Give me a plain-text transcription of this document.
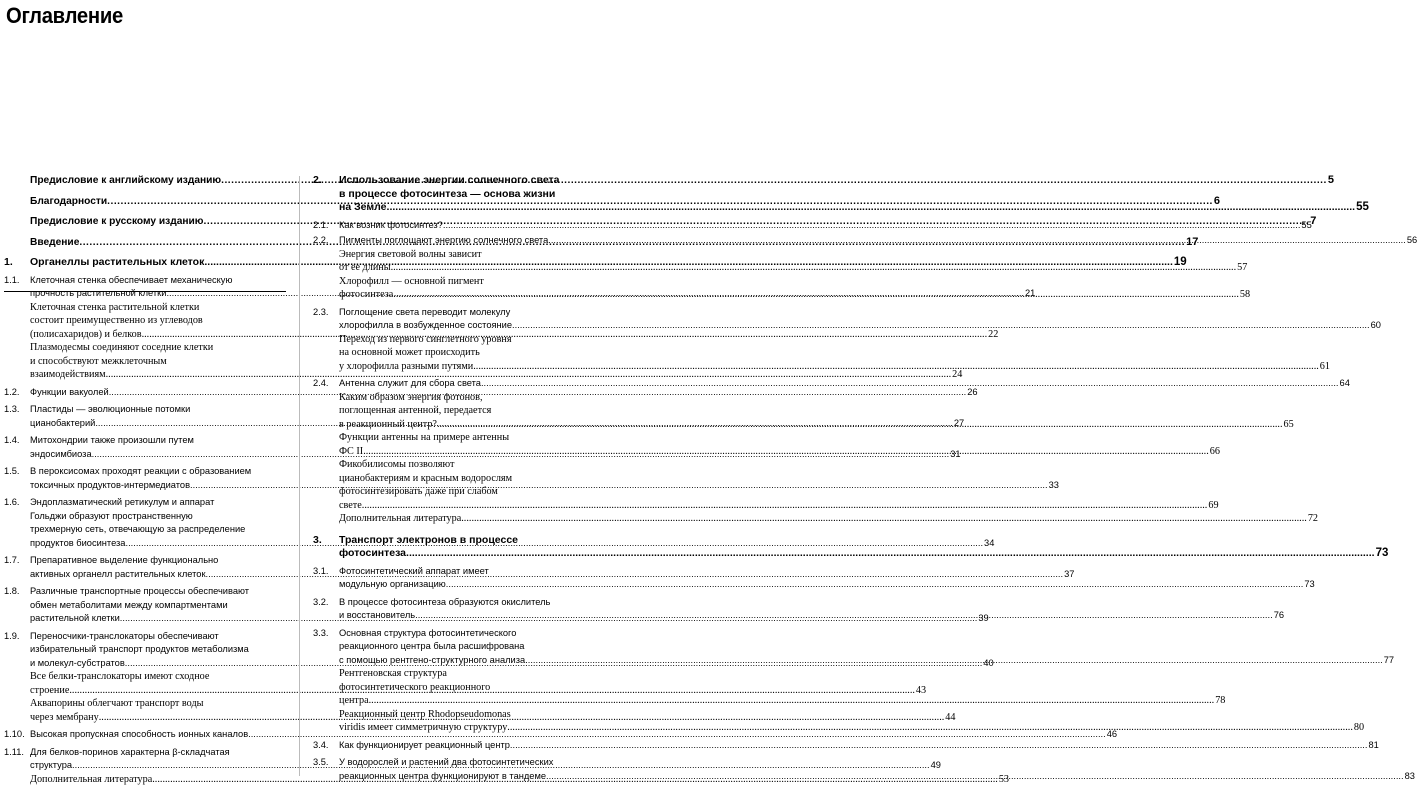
Оглавление
Предисловие к английскому изданию .....	5
Благодарности .....	6
Предисловие к русскому изданию .....	7
Введение .....	17
1.	Органеллы растительных клеток .....	19
1.1.	Клеточная стенка обеспечивает механическую
прочность растительной клетки .....	21
Клеточная стенка растительной клетки
состоит преимущественно из углеводов
(полисахаридов) и белков .....	22
Плазмодесмы соединяют соседние клетки
и способствуют межклеточным
взаимодействиям .....	24
1.2.	Функции вакуолей .....	26
1.3.	Пластиды — эволюционные потомки
цианобактерий .....	27
1.4.	Митохондрии также произошли путем
эндосимбиоза .....	31
1.5.	В пероксисомах проходят реакции с образованием
токсичных продуктов-интермедиатов .....	33
1.6.	Эндоплазматический ретикулум и аппарат
Гольджи образуют пространственную
трехмерную сеть, отвечающую за распределение
продуктов биосинтеза .....	34
1.7.	Препаративное выделение функционально
активных органелл растительных клеток .....	37
1.8.	Различные транспортные процессы обеспечивают
обмен метаболитами между компартментами
растительной клетки .....	39
1.9.	Переносчики-транслокаторы обеспечивают
избирательный транспорт продуктов метаболизма
и молекул-субстратов .....	40
Все белки-транслокаторы имеют сходное
строение .....	43
Аквапорины облегчают транспорт воды
через мембрану .....	44
1.10. Высокая пропускная способность ионных каналов .....	46
1.11. Для белков-поринов характерна β-складчатая
структура .....	49
Дополнительная литература .....	53
2.	Использование энергии солнечного света
в процессе фотосинтеза — основа жизни
на Земле .....	55
2.1.	Как возник фотосинтез? .....	55
2.2.	Пигменты поглощают энергию солнечного света .....	56
Энергия световой волны зависит
от ее длины .....	57
Хлорофилл — основной пигмент
фотосинтеза .....	58
2.3.	Поглощение света переводит молекулу
хлорофилла в возбужденное состояние .....	60
Переход из первого синглетного уровня
на основной может происходить
у хлорофилла разными путями .....	61
2.4.	Антенна служит для сбора света .....	64
Каким образом энергия фотонов,
поглощенная антенной, передается
в реакционный центр? .....	65
Функции антенны на примере антенны
ФС II .....	66
Фикобилисомы позволяют
цианобактериям и красным водорослям
фотосинтезировать даже при слабом
свете .....	69
Дополнительная литература .....	72
3.	Транспорт электронов в процессе
фотосинтеза .....	73
3.1.	Фотосинтетический аппарат имеет
модульную организацию .....	73
3.2.	В процессе фотосинтеза образуются окислитель
и восстановитель .....	76
3.3.	Основная структура фотосинтетического
реакционного центра была расшифрована
с помощью рентгено-структурного анализа .....	77
Рентгеновская структура
фотосинтетического реакционного
центра .....	78
Реакционный центр Rhodopseudomonas
viridis имеет симметричную структуру .....	80
3.4.	Как функционирует реакционный центр .....	81
3.5.	У водорослей и растений два фотосинтетических
реакционных центра функционируют в тандеме .....	83
